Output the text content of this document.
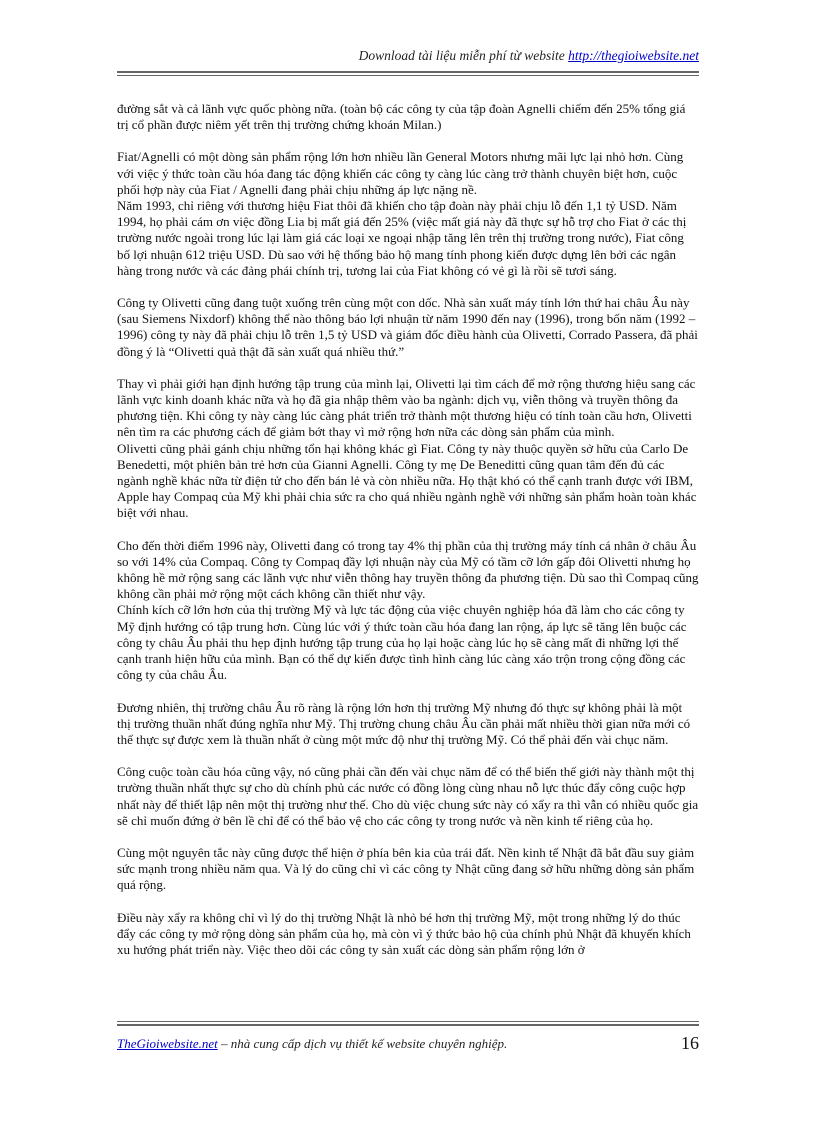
Download tài liệu miễn phí từ website http://thegioiwebsite.net

đường sắt và cả lãnh vực quốc phòng nữa. (toàn bộ các công ty của tập đoàn Agnelli chiếm đến 25% tổng giá trị cổ phần được niêm yết trên thị trường chứng khoán Milan.)

Fiat/Agnelli có một dòng sản phẩm rộng lớn hơn nhiều lần General Motors nhưng mãi lực lại nhỏ hơn. Cùng với việc ý thức toàn cầu hóa đang tác động khiến các công ty càng lúc càng trở thành chuyên biệt hơn, cuộc phối hợp này của Fiat / Agnelli đang phải chịu những áp lực nặng nề.

Năm 1993, chỉ riêng với thương hiệu Fiat thôi đã khiến cho tập đoàn này phải chịu lỗ đến 1,1 tỷ USD. Năm 1994, họ phải cám ơn việc đồng Lia bị mất giá đến 25% (việc mất giá này đã thực sự hỗ trợ cho Fiat ở các thị trường nước ngoài trong lúc lại làm giá các loại xe ngoại nhập tăng lên trên thị trường trong nước), Fiat công bố lợi nhuận 612 triệu USD. Dù sao với hệ thống bảo hộ mang tính phong kiến được dựng lên bởi các ngân hàng trong nước và các đảng phái chính trị, tương lai của Fiat không có vẻ gì là rồi sẽ tươi sáng.

Công ty Olivetti cũng đang tuột xuống trên cùng một con dốc. Nhà sản xuất máy tính lớn thứ hai châu Âu này (sau Siemens Nixdorf) không thể nào thông báo lợi nhuận từ năm 1990 đến nay (1996), trong bốn năm (1992 – 1996) công ty này đã phải chịu lỗ trên 1,5 tỷ USD và giám đốc điều hành của Olivetti, Corrado Passera, đã phải đồng ý là “Olivetti quả thật đã sản xuất quá nhiều thứ.”

Thay vì phải giới hạn định hướng tập trung của mình lại, Olivetti lại tìm cách để mở rộng thương hiệu sang các lãnh vực kinh doanh khác nữa và họ đã gia nhập thêm vào ba ngành: dịch vụ, viễn thông và truyền thông đa phương tiện. Khi công ty này càng lúc càng phát triển trở thành một thương hiệu có tính toàn cầu hơn, Olivetti nên tìm ra các phương cách để giảm bớt thay vì mở rộng hơn nữa các dòng sản phẩm của mình.

Olivetti cũng phải gánh chịu những tổn hại không khác gì Fiat. Công ty này thuộc quyền sở hữu của Carlo De Benedetti, một phiên bản trẻ hơn của Gianni Agnelli. Công ty mẹ De Beneditti cũng quan tâm đến đủ các ngành nghề khác nữa từ điện tử cho đến bán lẻ và còn nhiều nữa. Họ thật khó có thể cạnh tranh được với IBM, Apple hay Compaq của Mỹ khi phải chia sức ra cho quá nhiều ngành nghề với những sản phẩm hoàn toàn khác biệt với nhau.

Cho đến thời điểm 1996 này, Olivetti đang có trong tay 4% thị phần của thị trường máy tính cá nhân ở châu Âu so với 14% của Compaq. Công ty Compaq đầy lợi nhuận này của Mỹ có tầm cỡ lớn gấp đôi Olivetti nhưng họ không hề mở rộng sang các lãnh vực như viễn thông hay truyền thông đa phương tiện. Dù sao thì Compaq cũng không cần phải mở rộng một cách không cần thiết như vậy.

Chính kích cỡ lớn hơn của thị trường Mỹ và lực tác động của việc chuyên nghiệp hóa đã làm cho các công ty Mỹ định hướng có tập trung hơn. Cùng lúc với ý thức toàn cầu hóa đang lan rộng, áp lực sẽ tăng lên buộc các công ty châu Âu phải thu hẹp định hướng tập trung của họ lại hoặc càng lúc họ sẽ càng mất đi những lợi thế cạnh tranh hiện hữu của mình. Bạn có thể dự kiến được tình hình càng lúc càng xáo trộn trong cộng đồng các công ty của châu Âu.

Đương nhiên, thị trường châu Âu rõ ràng là rộng lớn hơn thị trường Mỹ nhưng đó thực sự không phải là một thị trường thuần nhất đúng nghĩa như Mỹ. Thị trường chung châu Âu cần phải mất nhiều thời gian nữa mới có thể thực sự được xem là thuần nhất ở cùng một mức độ như thị trường Mỹ. Có thể phải đến vài chục năm.

Công cuộc toàn cầu hóa cũng vậy, nó cũng phải cần đến vài chục năm để có thể biến thế giới này thành một thị trường thuần nhất thực sự cho dù chính phủ các nước có đồng lòng cùng nhau nỗ lực thúc đẩy công cuộc hợp nhất này để thiết lập nên một thị trường như thế. Cho dù việc chung sức này có xẩy ra thì vẫn có nhiều quốc gia sẽ chỉ muốn đứng ở bên lề chỉ để có thể bảo vệ cho các công ty trong nước và nền kinh tế riêng của họ.

Cùng một nguyên tắc này cũng được thể hiện ở phía bên kia của trái đất. Nền kinh tế Nhật đã bắt đầu suy giảm sức mạnh trong nhiều năm qua. Và lý do cũng chỉ vì các công ty Nhật cũng đang sở hữu những dòng sản phẩm quá rộng.

Điều này xẩy ra không chỉ vì lý do thị trường Nhật là nhỏ bé hơn thị trường Mỹ, một trong những lý do thúc đẩy các công ty mở rộng dòng sản phẩm của họ, mà còn vì ý thức bảo hộ của chính phủ Nhật đã khuyến khích xu hướng phát triển này. Việc theo dõi các công ty sản xuất các dòng sản phẩm rộng lớn ở

TheGioiwebsite.net – nhà cung cấp dịch vụ thiết kế website chuyên nghiệp.	16
